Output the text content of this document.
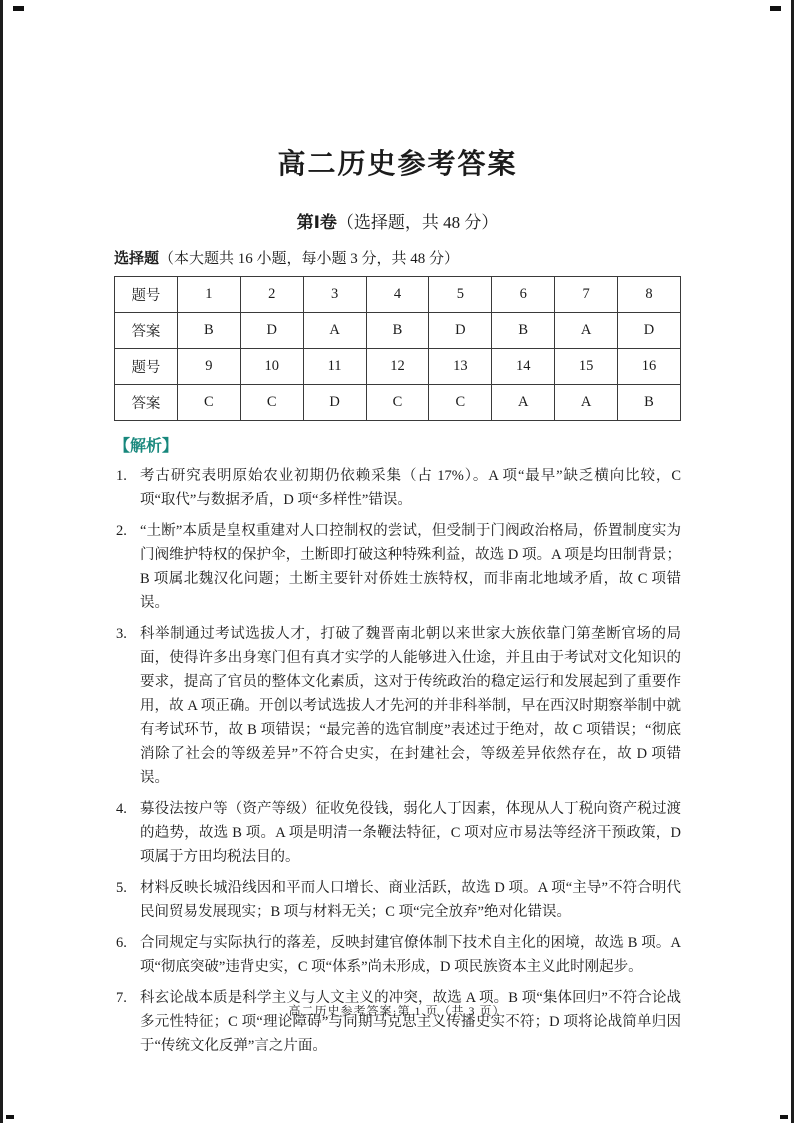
高二历史参考答案
第Ⅰ卷（选择题，共 48 分）
选择题（本大题共 16 小题，每小题 3 分，共 48 分）
题号	1	2	3	4	5	6	7	8
答案	B	D	A	B	D	B	A	D
题号	9	10	11	12	13	14	15	16
答案	C	C	D	C	C	A	A	B
【解析】
1. 考古研究表明原始农业初期仍依赖采集（占 17%）。A 项“最早”缺乏横向比较，C 项“取代”与数据矛盾，D 项“多样性”错误。
2. “土断”本质是皇权重建对人口控制权的尝试，但受制于门阀政治格局，侨置制度实为门阀维护特权的保护伞，土断即打破这种特殊利益，故选 D 项。A 项是均田制背景；B 项属北魏汉化问题；土断主要针对侨姓士族特权，而非南北地域矛盾，故 C 项错误。
3. 科举制通过考试选拔人才，打破了魏晋南北朝以来世家大族依靠门第垄断官场的局面，使得许多出身寒门但有真才实学的人能够进入仕途，并且由于考试对文化知识的要求，提高了官员的整体文化素质，这对于传统政治的稳定运行和发展起到了重要作用，故 A 项正确。开创以考试选拔人才先河的并非科举制，早在西汉时期察举制中就有考试环节，故 B 项错误；“最完善的选官制度”表述过于绝对，故 C 项错误；“彻底消除了社会的等级差异”不符合史实，在封建社会，等级差异依然存在，故 D 项错误。
4. 募役法按户等（资产等级）征收免役钱，弱化人丁因素，体现从人丁税向资产税过渡的趋势，故选 B 项。A 项是明清一条鞭法特征，C 项对应市易法等经济干预政策，D 项属于方田均税法目的。
5. 材料反映长城沿线因和平而人口增长、商业活跃，故选 D 项。A 项“主导”不符合明代民间贸易发展现实；B 项与材料无关；C 项“完全放弃”绝对化错误。
6. 合同规定与实际执行的落差，反映封建官僚体制下技术自主化的困境，故选 B 项。A 项“彻底突破”违背史实，C 项“体系”尚未形成，D 项民族资本主义此时刚起步。
7. 科玄论战本质是科学主义与人文主义的冲突，故选 A 项。B 项“集体回归”不符合论战多元性特征；C 项“理论障碍”与同期马克思主义传播史实不符；D 项将论战简单归因于“传统文化反弹”言之片面。
高二历史参考答案·第 1 页（共 3 页）
